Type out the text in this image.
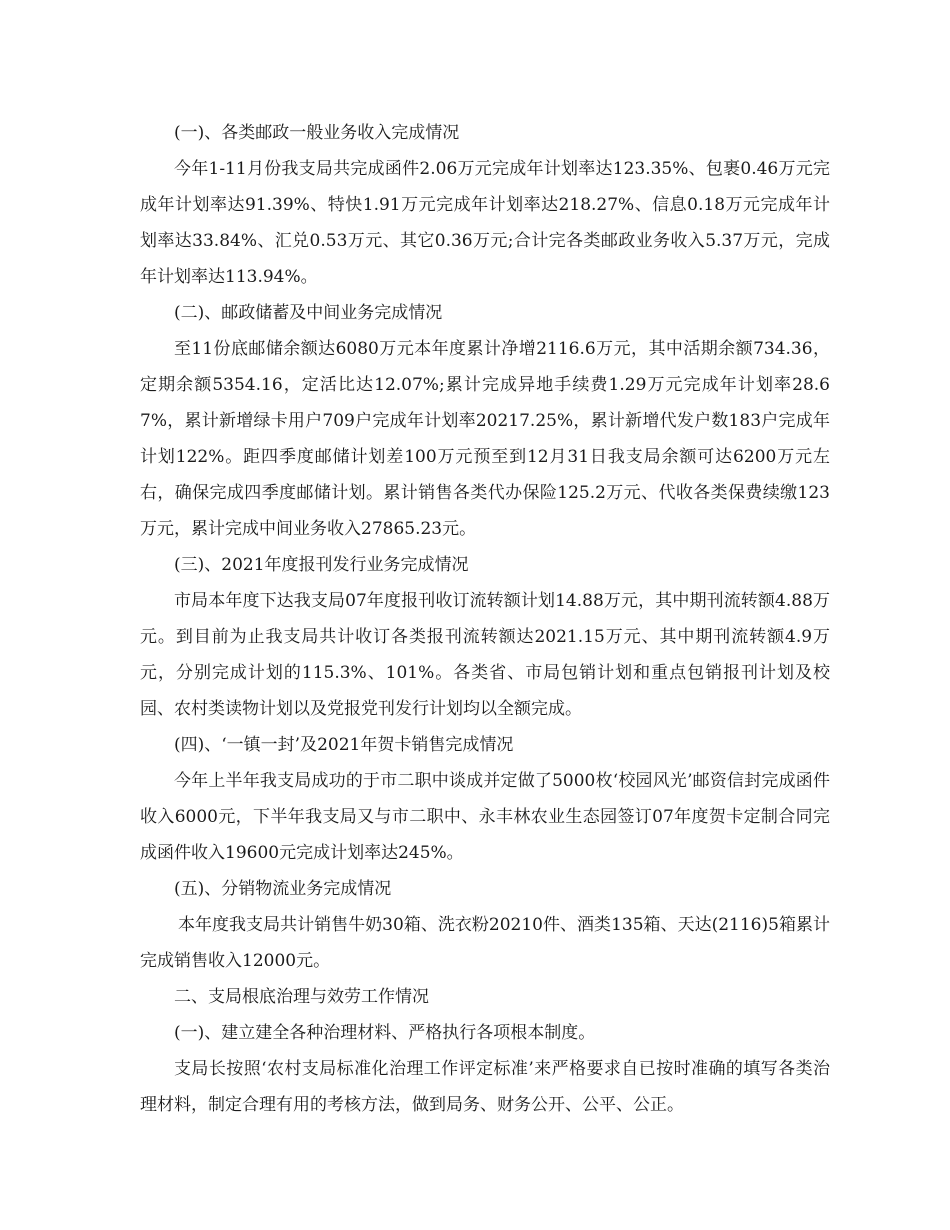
(一)、各类邮政一般业务收入完成情况

今年1-11月份我支局共完成函件2.06万元完成年计划率达123.35%、包裹0.46万元完成年计划率达91.39%、特快1.91万元完成年计划率达218.27%、信息0.18万元完成年计划率达33.84%、汇兑0.53万元、其它0.36万元;合计完各类邮政业务收入5.37万元，完成年计划率达113.94%。

(二)、邮政储蓄及中间业务完成情况

至11份底邮储余额达6080万元本年度累计净增2116.6万元，其中活期余额734.36，定期余额5354.16，定活比达12.07%;累计完成异地手续费1.29万元完成年计划率28.67%，累计新增绿卡用户709户完成年计划率20217.25%，累计新增代发户数183户完成年计划122%。距四季度邮储计划差100万元预至到12月31日我支局余额可达6200万元左右，确保完成四季度邮储计划。累计销售各类代办保险125.2万元、代收各类保费续缴123万元，累计完成中间业务收入27865.23元。

(三)、2021年度报刊发行业务完成情况

市局本年度下达我支局07年度报刊收订流转额计划14.88万元，其中期刊流转额4.88万元。到目前为止我支局共计收订各类报刊流转额达2021.15万元、其中期刊流转额4.9万元，分别完成计划的115.3%、101%。各类省、市局包销计划和重点包销报刊计划及校园、农村类读物计划以及党报党刊发行计划均以全额完成。

(四)、‘一镇一封’及2021年贺卡销售完成情况

今年上半年我支局成功的于市二职中谈成并定做了5000枚‘校园风光’邮资信封完成函件收入6000元，下半年我支局又与市二职中、永丰林农业生态园签订07年度贺卡定制合同完成函件收入19600元完成计划率达245%。

(五)、分销物流业务完成情况

本年度我支局共计销售牛奶30箱、洗衣粉20210件、酒类135箱、天达(2116)5箱累计完成销售收入12000元。

二、支局根底治理与效劳工作情况

(一)、建立建全各种治理材料、严格执行各项根本制度。

支局长按照‘农村支局标准化治理工作评定标准’来严格要求自已按时准确的填写各类治理材料，制定合理有用的考核方法，做到局务、财务公开、公平、公正。
